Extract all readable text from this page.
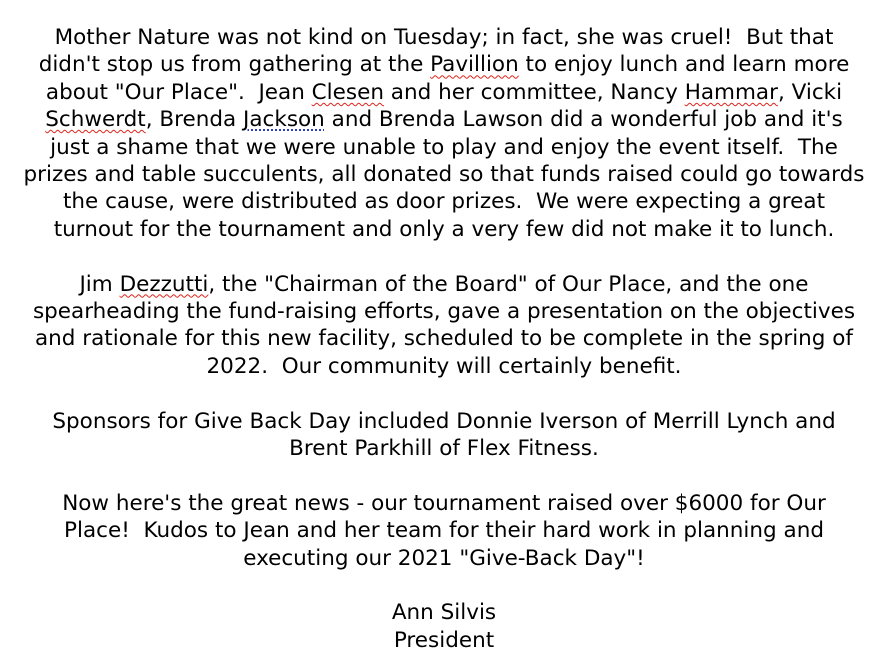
Mother Nature was not kind on Tuesday; in fact, she was cruel!  But that
didn't stop us from gathering at the Pavillion to enjoy lunch and learn more
about "Our Place".  Jean Clesen and her committee, Nancy Hammar, Vicki
Schwerdt, Brenda Jackson and Brenda Lawson did a wonderful job and it's
just a shame that we were unable to play and enjoy the event itself.  The
prizes and table succulents, all donated so that funds raised could go towards
the cause, were distributed as door prizes.  We were expecting a great
turnout for the tournament and only a very few did not make it to lunch.
Jim Dezzutti, the "Chairman of the Board" of Our Place, and the one
spearheading the fund-raising efforts, gave a presentation on the objectives
and rationale for this new facility, scheduled to be complete in the spring of
2022.  Our community will certainly benefit.
Sponsors for Give Back Day included Donnie Iverson of Merrill Lynch and
Brent Parkhill of Flex Fitness.
Now here's the great news - our tournament raised over $6000 for Our
Place!  Kudos to Jean and her team for their hard work in planning and
executing our 2021 "Give-Back Day"!
Ann Silvis
President
